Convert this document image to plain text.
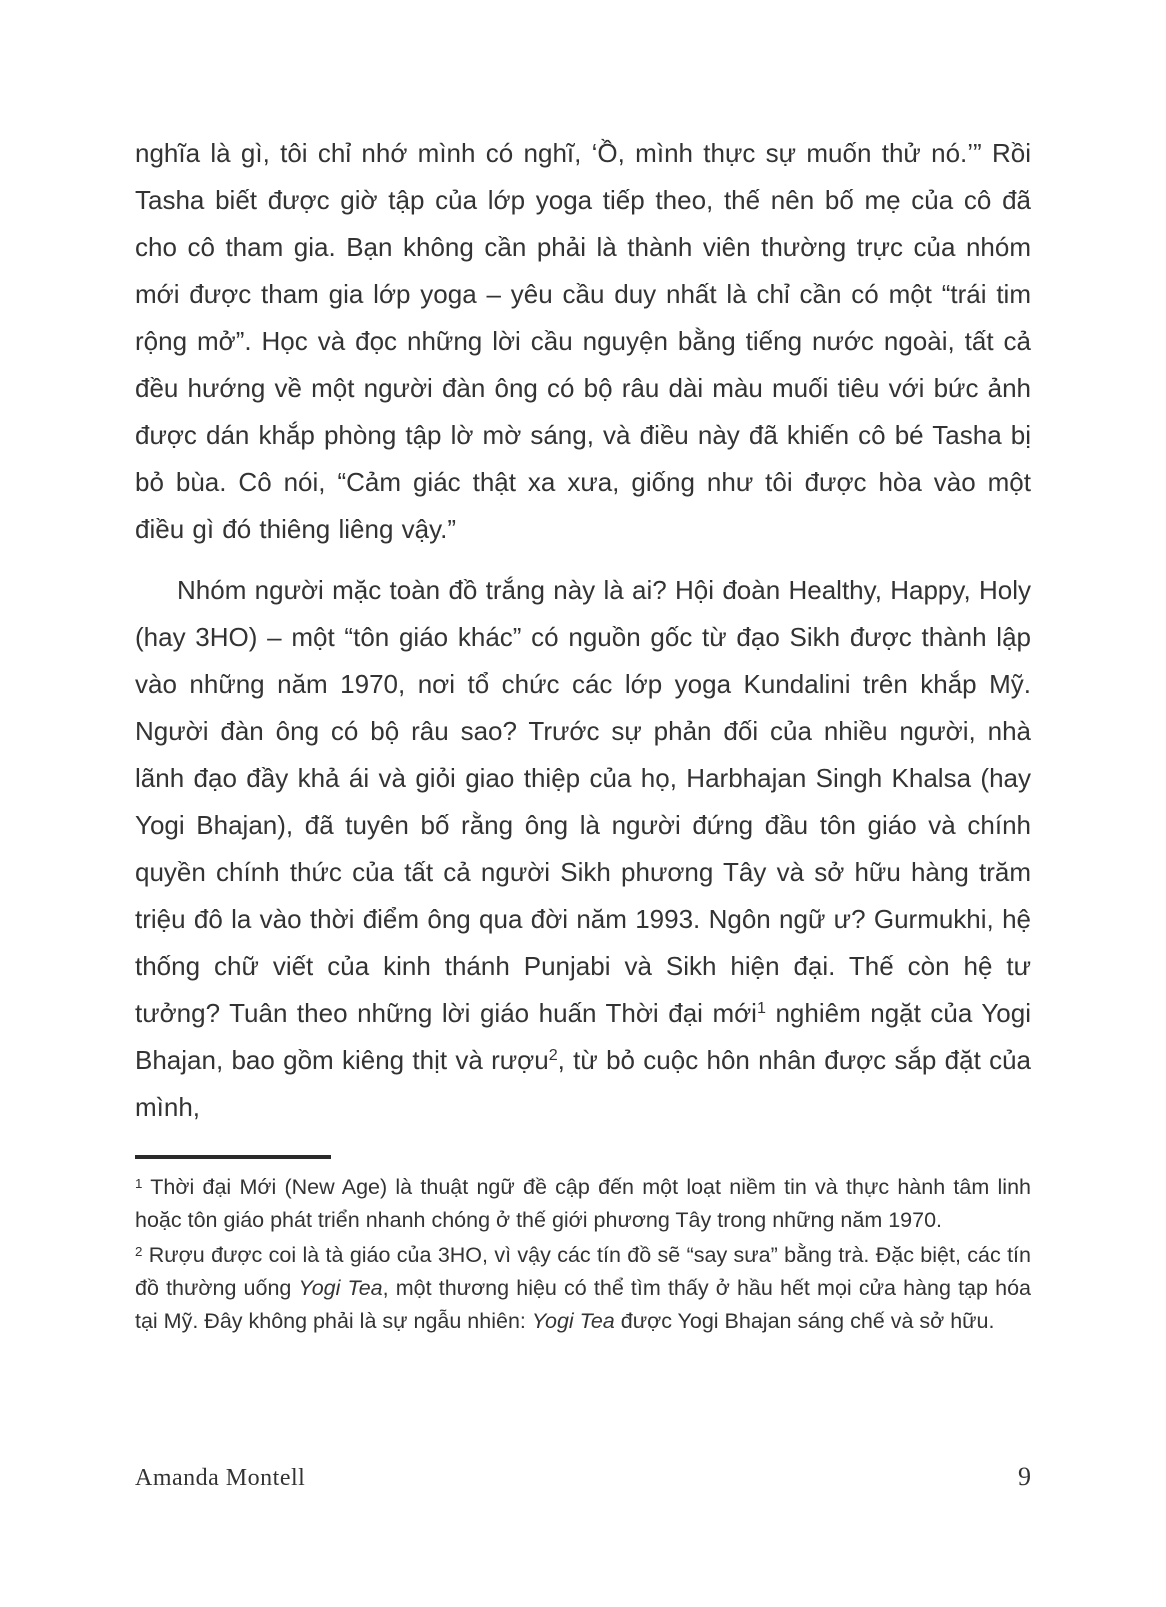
nghĩa là gì, tôi chỉ nhớ mình có nghĩ, ‘Ồ, mình thực sự muốn thử nó.’” Rồi Tasha biết được giờ tập của lớp yoga tiếp theo, thế nên bố mẹ của cô đã cho cô tham gia. Bạn không cần phải là thành viên thường trực của nhóm mới được tham gia lớp yoga – yêu cầu duy nhất là chỉ cần có một “trái tim rộng mở”. Học và đọc những lời cầu nguyện bằng tiếng nước ngoài, tất cả đều hướng về một người đàn ông có bộ râu dài màu muối tiêu với bức ảnh được dán khắp phòng tập lờ mờ sáng, và điều này đã khiến cô bé Tasha bị bỏ bùa. Cô nói, “Cảm giác thật xa xưa, giống như tôi được hòa vào một điều gì đó thiêng liêng vậy.”

Nhóm người mặc toàn đồ trắng này là ai? Hội đoàn Healthy, Happy, Holy (hay 3HO) – một “tôn giáo khác” có nguồn gốc từ đạo Sikh được thành lập vào những năm 1970, nơi tổ chức các lớp yoga Kundalini trên khắp Mỹ. Người đàn ông có bộ râu sao? Trước sự phản đối của nhiều người, nhà lãnh đạo đầy khả ái và giỏi giao thiệp của họ, Harbhajan Singh Khalsa (hay Yogi Bhajan), đã tuyên bố rằng ông là người đứng đầu tôn giáo và chính quyền chính thức của tất cả người Sikh phương Tây và sở hữu hàng trăm triệu đô la vào thời điểm ông qua đời năm 1993. Ngôn ngữ ư? Gurmukhi, hệ thống chữ viết của kinh thánh Punjabi và Sikh hiện đại. Thế còn hệ tư tưởng? Tuân theo những lời giáo huấn Thời đại mới$^1$ nghiêm ngặt của Yogi Bhajan, bao gồm kiêng thịt và rượu$^2$, từ bỏ cuộc hôn nhân được sắp đặt của mình,

$^1$ Thời đại Mới (New Age) là thuật ngữ đề cập đến một loạt niềm tin và thực hành tâm linh hoặc tôn giáo phát triển nhanh chóng ở thế giới phương Tây trong những năm 1970.

$^2$ Rượu được coi là tà giáo của 3HO, vì vậy các tín đồ sẽ “say sưa” bằng trà. Đặc biệt, các tín đồ thường uống Yogi Tea, một thương hiệu có thể tìm thấy ở hầu hết mọi cửa hàng tạp hóa tại Mỹ. Đây không phải là sự ngẫu nhiên: Yogi Tea được Yogi Bhajan sáng chế và sở hữu.

Amanda Montell	9
